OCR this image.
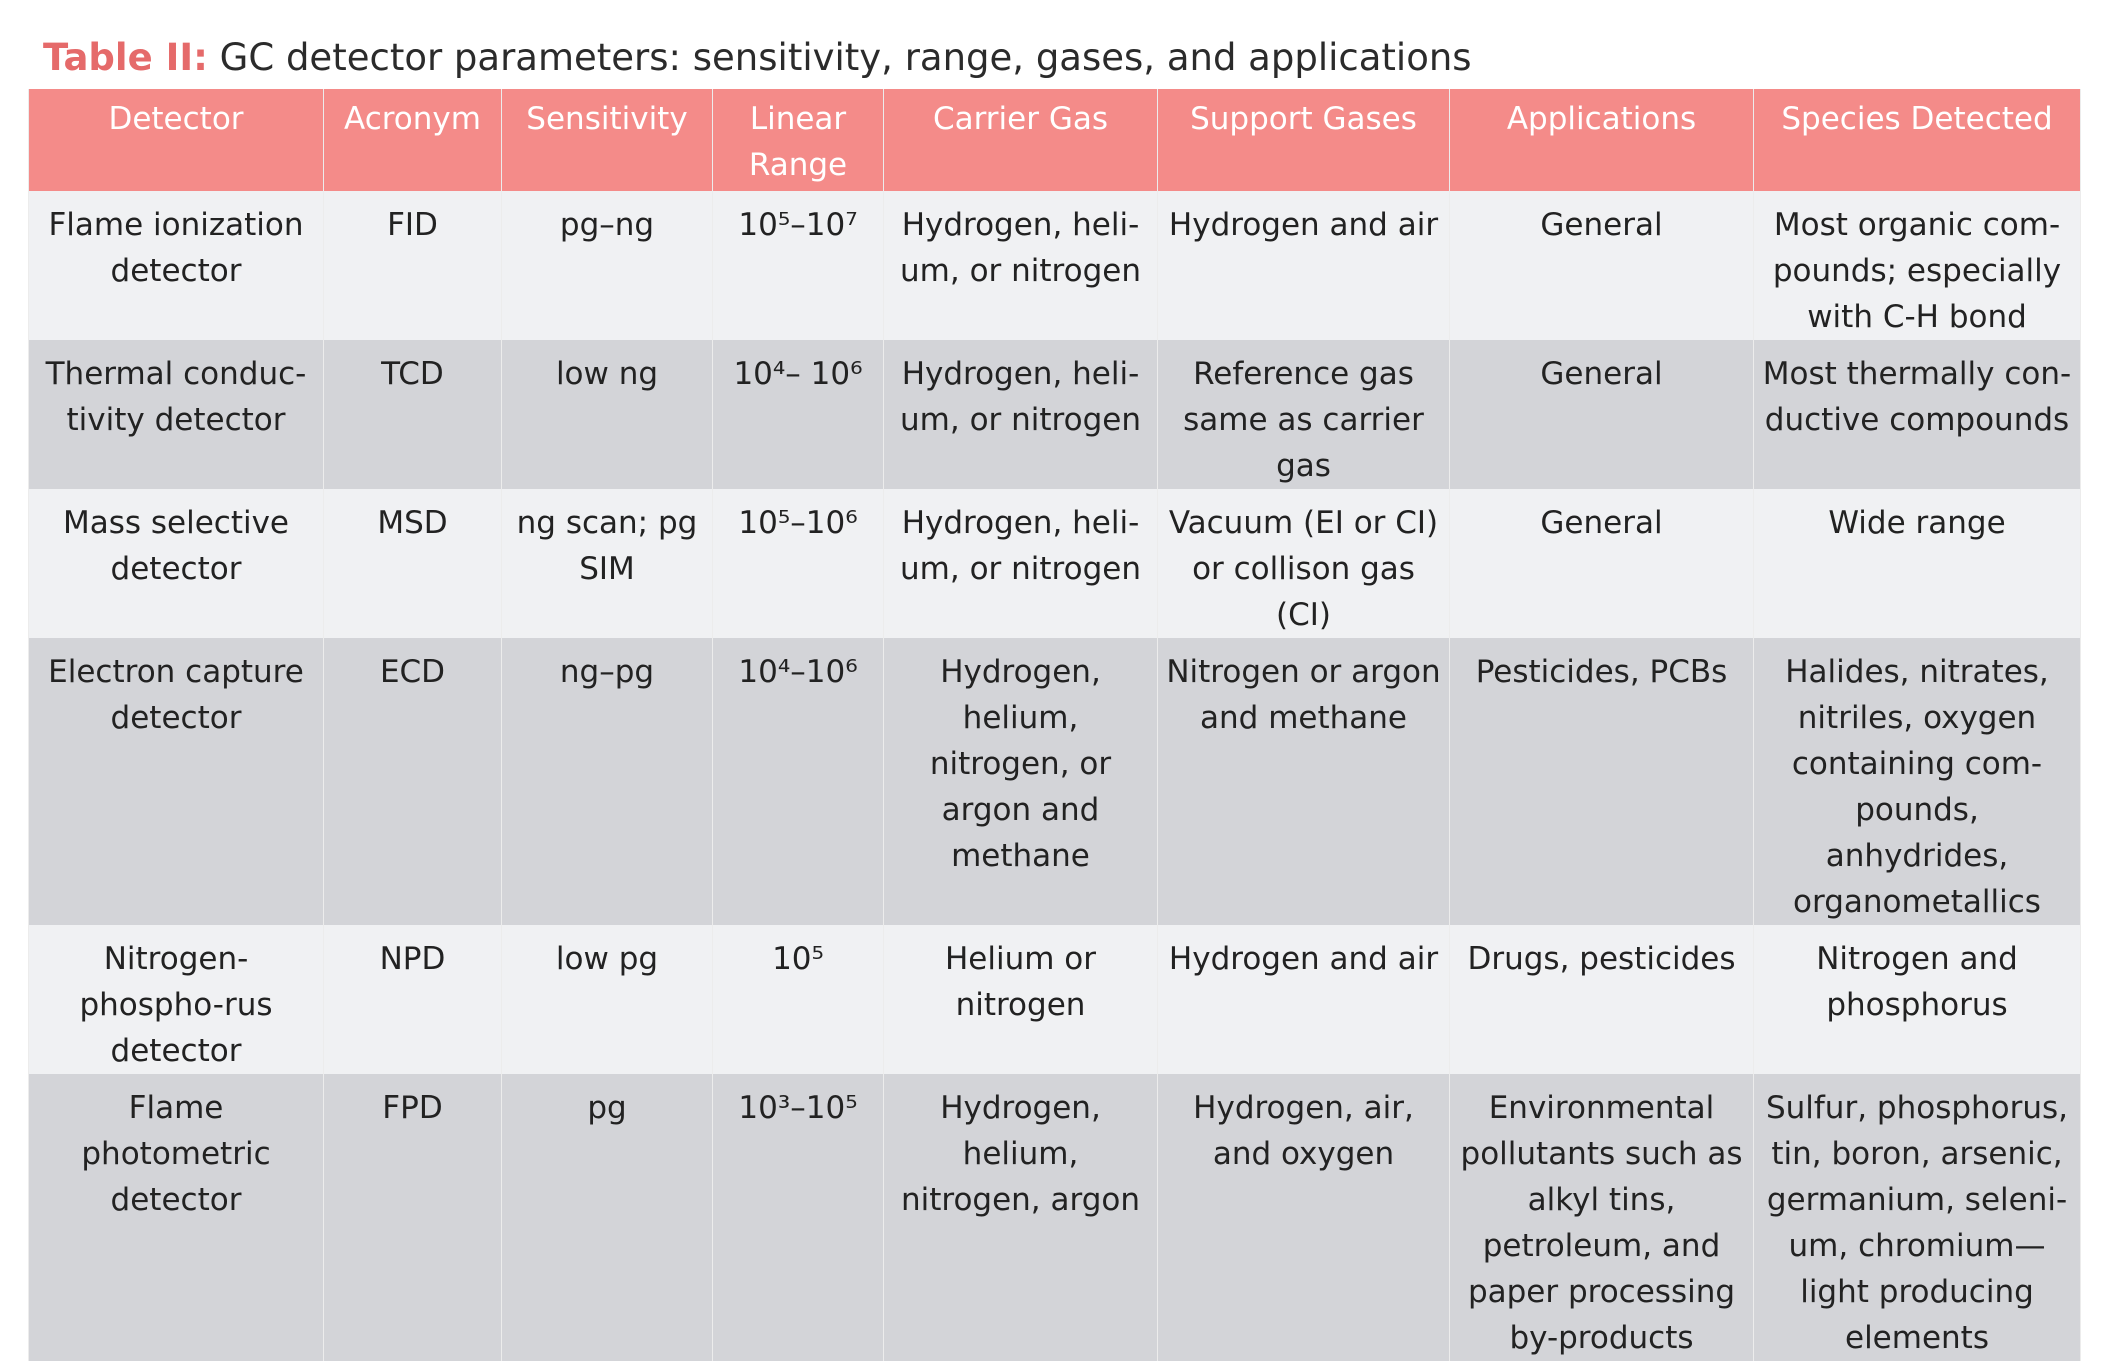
Table II: GC detector parameters: sensitivity, range, gases, and applications
Detector	Acronym	Sensitivity	Linear Range	Carrier Gas	Support Gases	Applications	Species Detected
Flame ionization detector	FID	pg–ng	10⁵–10⁷	Hydrogen, heli-um, or nitrogen	Hydrogen and air	General	Most organic com-pounds; especially with C-H bond
Thermal conduc-tivity detector	TCD	low ng	10⁴– 10⁶	Hydrogen, heli-um, or nitrogen	Reference gas same as carrier gas	General	Most thermally con-ductive compounds
Mass selective detector	MSD	ng scan; pg SIM	10⁵–10⁶	Hydrogen, heli-um, or nitrogen	Vacuum (EI or CI) or collison gas (CI)	General	Wide range
Electron capture detector	ECD	ng–pg	10⁴–10⁶	Hydrogen, helium, nitrogen, or argon and methane	Nitrogen or argon and methane	Pesticides, PCBs	Halides, nitrates, nitriles, oxygen containing com-pounds, anhydrides, organometallics
Nitrogen-phospho-rus detector	NPD	low pg	10⁵	Helium or nitrogen	Hydrogen and air	Drugs, pesticides	Nitrogen and phosphorus
Flame photometric detector	FPD	pg	10³–10⁵	Hydrogen, helium, nitrogen, argon	Hydrogen, air, and oxygen	Environmental pollutants such as alkyl tins, petroleum, and paper processing by-products	Sulfur, phosphorus, tin, boron, arsenic, germanium, seleni-um, chromium—light producing elements
